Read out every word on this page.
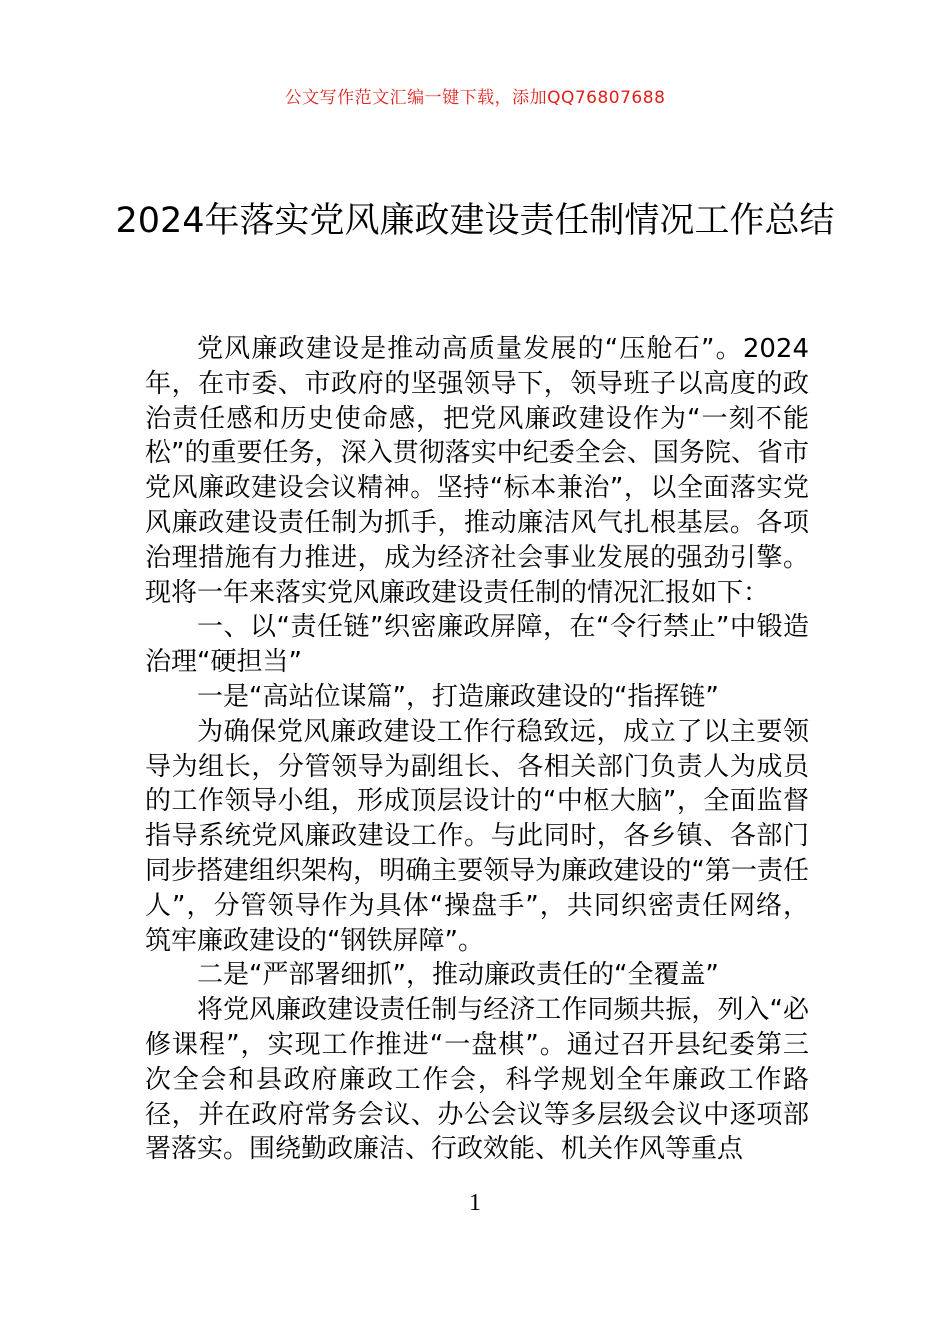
公文写作范文汇编一键下载，添加QQ76807688
2024年落实党风廉政建设责任制情况工作总结

党风廉政建设是推动高质量发展的“压舱石”。2024年，在市委、市政府的坚强领导下，领导班子以高度的政治责任感和历史使命感，把党风廉政建设作为“一刻不能松”的重要任务，深入贯彻落实中纪委全会、国务院、省市党风廉政建设会议精神。坚持“标本兼治”，以全面落实党风廉政建设责任制为抓手，推动廉洁风气扎根基层。各项治理措施有力推进，成为经济社会事业发展的强劲引擎。现将一年来落实党风廉政建设责任制的情况汇报如下：

一、以“责任链”织密廉政屏障，在“令行禁止”中锻造治理“硬担当”

一是“高站位谋篇”，打造廉政建设的“指挥链”

为确保党风廉政建设工作行稳致远，成立了以主要领导为组长，分管领导为副组长、各相关部门负责人为成员的工作领导小组，形成顶层设计的“中枢大脑”，全面监督指导系统党风廉政建设工作。与此同时，各乡镇、各部门同步搭建组织架构，明确主要领导为廉政建设的“第一责任人”，分管领导作为具体“操盘手”，共同织密责任网络，筑牢廉政建设的“钢铁屏障”。

二是“严部署细抓”，推动廉政责任的“全覆盖”

将党风廉政建设责任制与经济工作同频共振，列入“必修课程”，实现工作推进“一盘棋”。通过召开县纪委第三次全会和县政府廉政工作会，科学规划全年廉政工作路径，并在政府常务会议、办公会议等多层级会议中逐项部署落实。围绕勤政廉洁、行政效能、机关作风等重点

1
